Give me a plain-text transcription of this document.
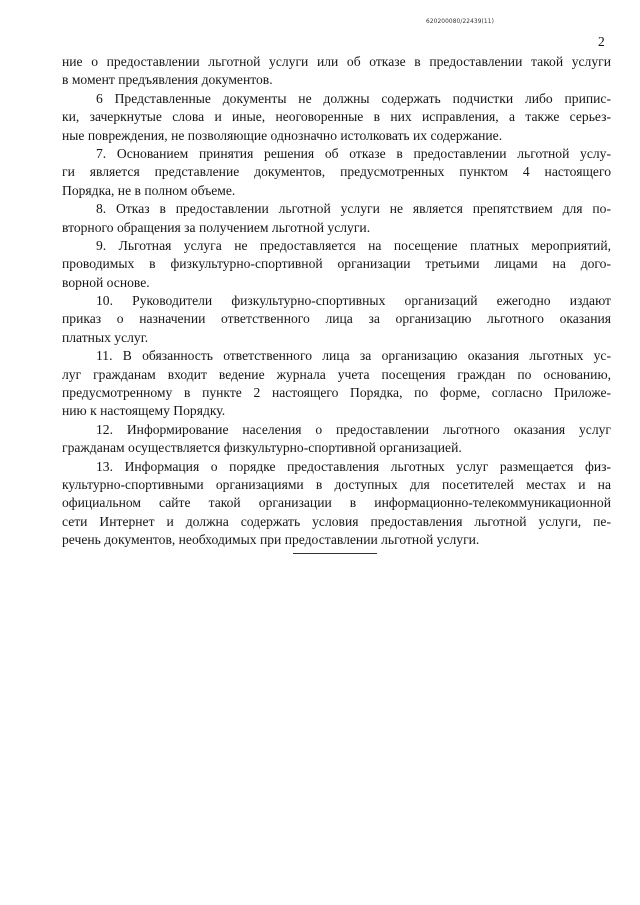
620200080/22439(11)
2
ние о предоставлении льготной услуги или об отказе в предоставлении такой услуги
в момент предъявления документов.
6 Представленные документы не должны содержать подчистки либо припис-
ки, зачеркнутые слова и иные, неоговоренные в них исправления, а также серьез-
ные повреждения, не позволяющие однозначно истолковать их содержание.
7. Основанием принятия решения об отказе в предоставлении льготной услу-
ги является представление документов, предусмотренных пунктом 4 настоящего
Порядка, не в полном объеме.
8. Отказ в предоставлении льготной услуги не является препятствием для по-
вторного обращения за получением льготной услуги.
9. Льготная услуга не предоставляется на посещение платных мероприятий,
проводимых в физкультурно-спортивной организации третьими лицами на дого-
ворной основе.
10. Руководители физкультурно-спортивных организаций ежегодно издают
приказ о назначении ответственного лица за организацию льготного оказания
платных услуг.
11. В обязанность ответственного лица за организацию оказания льготных ус-
луг гражданам входит ведение журнала учета посещения граждан по основанию,
предусмотренному в пункте 2 настоящего Порядка, по форме, согласно Приложе-
нию к настоящему Порядку.
12. Информирование населения о предоставлении льготного оказания услуг
гражданам осуществляется физкультурно-спортивной организацией.
13. Информация о порядке предоставления льготных услуг размещается физ-
культурно-спортивными организациями в доступных для посетителей местах и на
официальном сайте такой организации в информационно-телекоммуникационной
сети Интернет и должна содержать условия предоставления льготной услуги, пе-
речень документов, необходимых при предоставлении льготной услуги.
